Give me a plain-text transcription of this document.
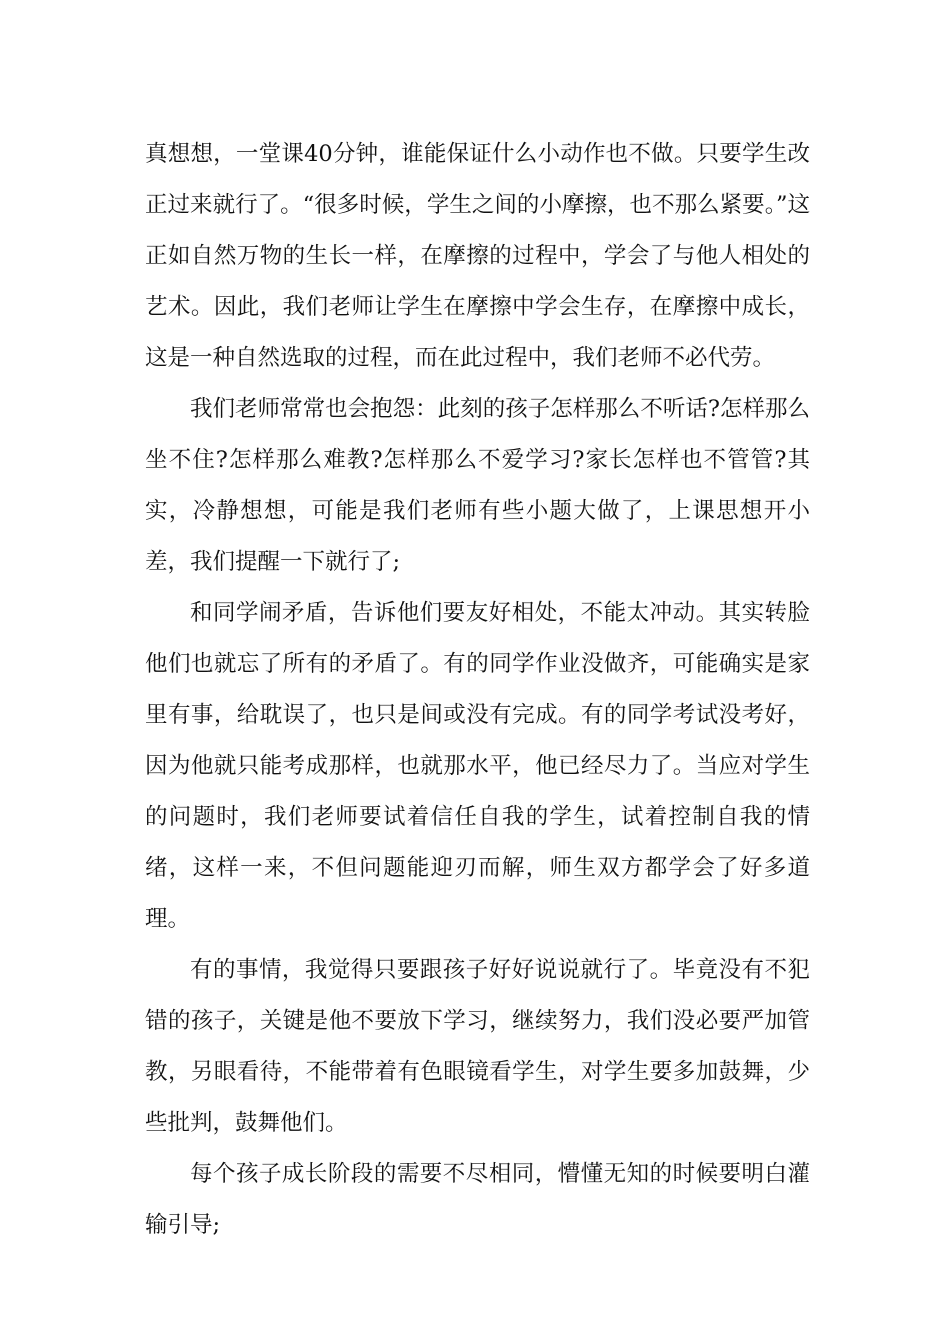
真想想，一堂课40分钟，谁能保证什么小动作也不做。只要学生改正过来就行了。“很多时候，学生之间的小摩擦，也不那么紧要。”这正如自然万物的生长一样，在摩擦的过程中，学会了与他人相处的艺术。因此，我们老师让学生在摩擦中学会生存，在摩擦中成长，这是一种自然选取的过程，而在此过程中，我们老师不必代劳。

我们老师常常也会抱怨：此刻的孩子怎样那么不听话?怎样那么坐不住?怎样那么难教?怎样那么不爱学习?家长怎样也不管管?其实，冷静想想，可能是我们老师有些小题大做了，上课思想开小差，我们提醒一下就行了;

和同学闹矛盾，告诉他们要友好相处，不能太冲动。其实转脸他们也就忘了所有的矛盾了。有的同学作业没做齐，可能确实是家里有事，给耽误了，也只是间或没有完成。有的同学考试没考好，因为他就只能考成那样，也就那水平，他已经尽力了。当应对学生的问题时，我们老师要试着信任自我的学生，试着控制自我的情绪，这样一来，不但问题能迎刃而解，师生双方都学会了好多道理。

有的事情，我觉得只要跟孩子好好说说就行了。毕竟没有不犯错的孩子，关键是他不要放下学习，继续努力，我们没必要严加管教，另眼看待，不能带着有色眼镜看学生，对学生要多加鼓舞，少些批判，鼓舞他们。

每个孩子成长阶段的需要不尽相同，懵懂无知的时候要明白灌输引导;
